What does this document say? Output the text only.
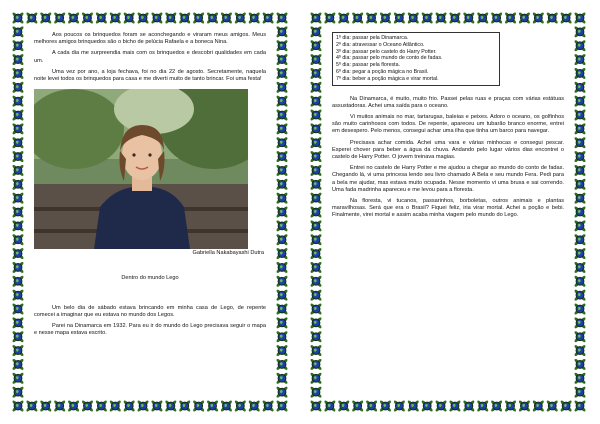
Aos poucos os brinquedos foram se aconchegando e viraram meus amigos. Meus melhores amigos brinquedos são o bicho de pelúcia Rafaela e a boneca Nina.

A cada dia me surpreendia mais com os brinquedos e descobri qualidades em cada um.

Uma vez por ano, a loja fechava, foi no dia 22 de agosto. Secretamente, naquela noite levei todos os brinquedos para casa e me diverti muito de tanto brincar. Foi uma festa!

Gabriella Nakabayashi Dutra
Dentro do mundo Lego

Um belo dia de sábado estava brincando em minha casa de Lego, de repente comecei a imaginar que eu estava no mundo dos Legos.

Parei na Dinamarca em 1932. Para eu ir do mundo do Lego precisava seguir o mapa e nesse mapa estava escrito.

1º dia: passar pela Dinamarca.
2º dia: atravessar o Oceano Atlântico.
3º dia: passar pelo castelo do Harry Potter.
4º dia: passar pelo mundo de conto de fadas.
5º dia: passar pela floresta.
6º dia: pegar a poção mágica no Brasil.
7º dia: beber a poção mágica e virar mortal.

Na Dinamarca, é muito, muito frio. Passei pelas ruas e praças com várias estátuas assustadoras. Achei uma saída para o oceano.

Vi muitos animais no mar, tartarugas, baleias e peixes. Adoro o oceano, os golfinhos são muito carinhosos com todos. De repente, apareceu um tubarão branco enorme, entrei em desespero. Pelo menos, consegui achar uma ilha que tinha um barco para navegar.

Precisava achar comida. Achei uma vara e várias minhocas e consegui pescar. Esperei chover para beber a água da chuva. Andando pelo lugar vários dias encontrei o castelo de Harry Potter. O jovem treinava magias.

Entrei no castelo de Harry Potter e me ajudou a chegar ao mundo do conto de fadas. Chegando lá, vi uma princesa lendo seu livro chamado A Bela e seu mundo Fera. Pedi para a bela me ajudar, mas estava muito ocupada. Nesse momento vi uma bruxa e sai correndo. Uma fada madrinha apareceu e me levou para a floresta.

Na floresta, vi tucanos, passarinhos, borboletas, outros animais e plantas maravilhosas. Será que era o Brasil? Fiquei feliz, iria virar mortal. Achei a poção e bebi. Finalmente, virei mortal e assim acaba minha viagem pelo mundo do Lego.
